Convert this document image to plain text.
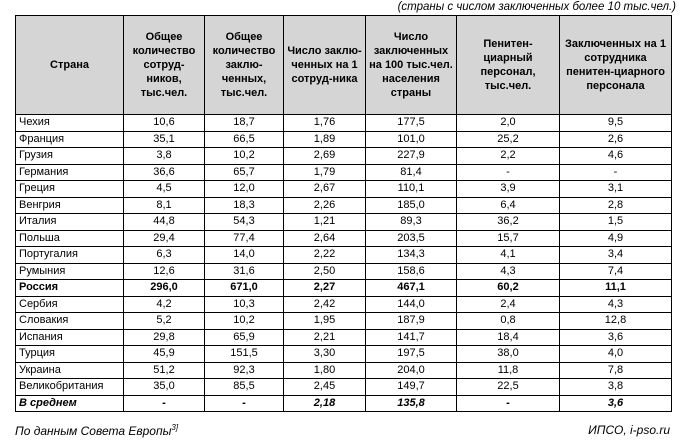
(страны с числом заключенных более 10 тыс.чел.)
Страна	Общее количество сотруд-ников, тыс.чел.	Общее количество заклю-ченных, тыс.чел.	Число заклю-ченных на 1 сотруд-ника	Число заключенных на 100 тыс.чел. населения страны	Пенитен-циарный персонал, тыс.чел.	Заключенных на 1 сотрудника пенитен-циарного персонала
Чехия	10,6	18,7	1,76	177,5	2,0	9,5
Франция	35,1	66,5	1,89	101,0	25,2	2,6
Грузия	3,8	10,2	2,69	227,9	2,2	4,6
Германия	36,6	65,7	1,79	81,4	-	-
Греция	4,5	12,0	2,67	110,1	3,9	3,1
Венгрия	8,1	18,3	2,26	185,0	6,4	2,8
Италия	44,8	54,3	1,21	89,3	36,2	1,5
Польша	29,4	77,4	2,64	203,5	15,7	4,9
Португалия	6,3	14,0	2,22	134,3	4,1	3,4
Румыния	12,6	31,6	2,50	158,6	4,3	7,4
Россия	296,0	671,0	2,27	467,1	60,2	11,1
Сербия	4,2	10,3	2,42	144,0	2,4	4,3
Словакия	5,2	10,2	1,95	187,9	0,8	12,8
Испания	29,8	65,9	2,21	141,7	18,4	3,6
Турция	45,9	151,5	3,30	197,5	38,0	4,0
Украина	51,2	92,3	1,80	204,0	11,8	7,8
Великобритания	35,0	85,5	2,45	149,7	22,5	3,8
В среднем	-	-	2,18	135,8	-	3,6
По данным Совета Европы$^{3]}$	ИПСО, i-pso.ru
